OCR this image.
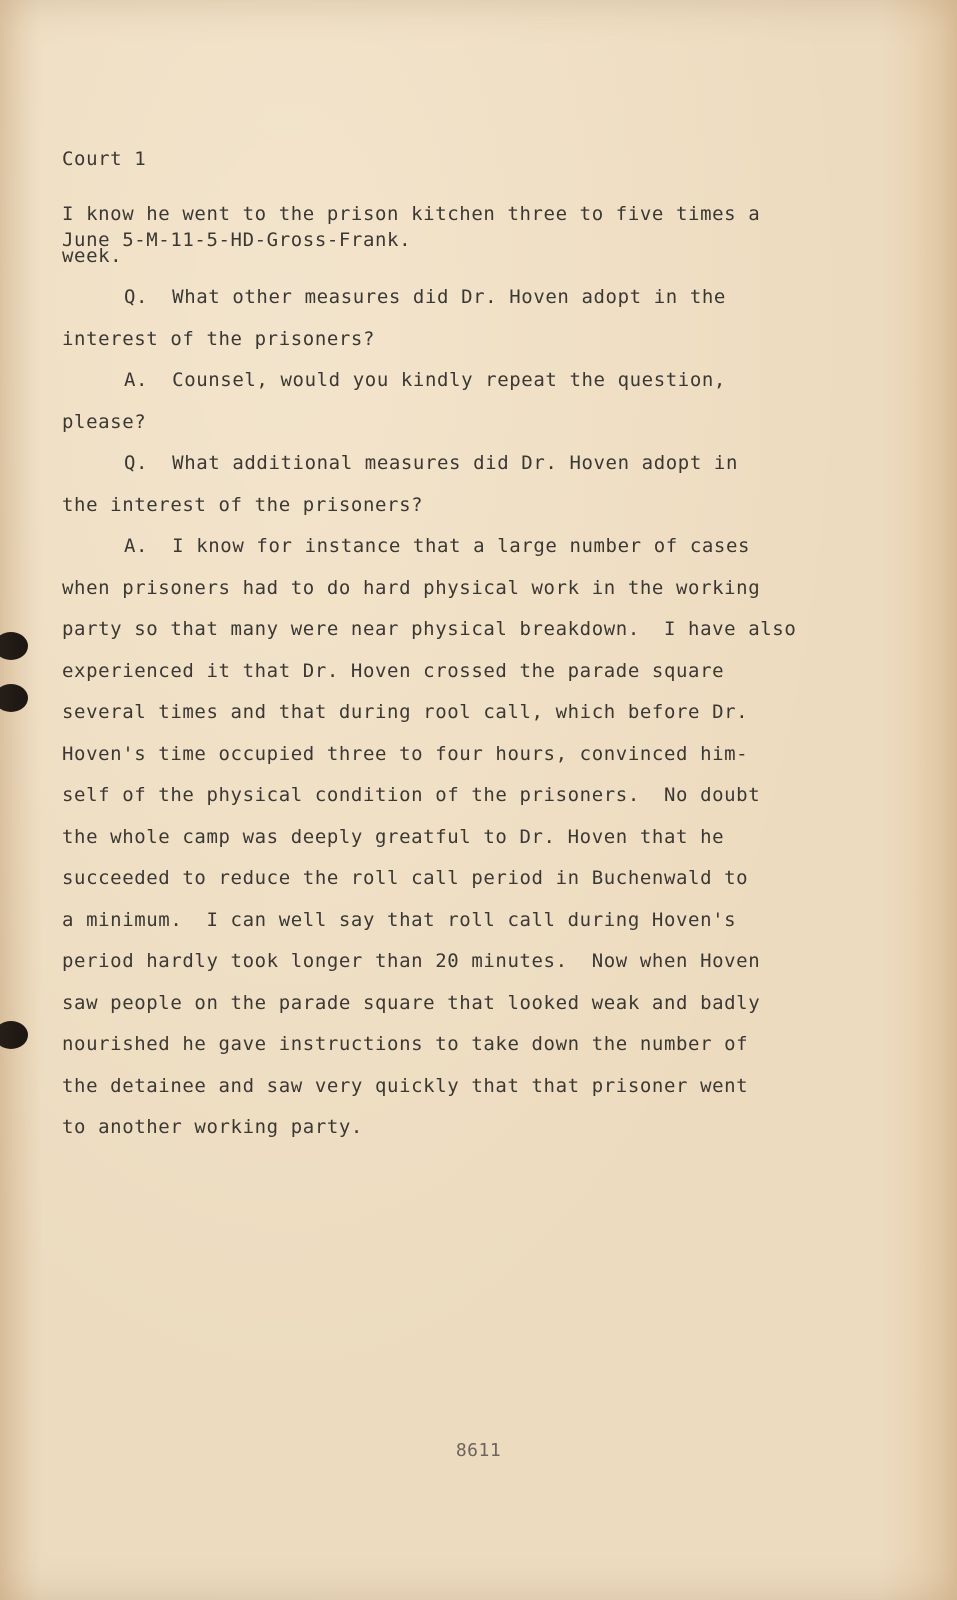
Court 1

June 5-M-11-5-HD-Gross-Frank.

I know he went to the prison kitchen three to five times a
week.
Q.  What other measures did Dr. Hoven adopt in the
interest of the prisoners?
A.  Counsel, would you kindly repeat the question,
please?
Q.  What additional measures did Dr. Hoven adopt in
the interest of the prisoners?
A.  I know for instance that a large number of cases
when prisoners had to do hard physical work in the working
party so that many were near physical breakdown.  I have also
experienced it that Dr. Hoven crossed the parade square
several times and that during rool call, which before Dr.
Hoven's time occupied three to four hours, convinced him-
self of the physical condition of the prisoners.  No doubt
the whole camp was deeply greatful to Dr. Hoven that he
succeeded to reduce the roll call period in Buchenwald to
a minimum.  I can well say that roll call during Hoven's
period hardly took longer than 20 minutes.  Now when Hoven
saw people on the parade square that looked weak and badly
nourished he gave instructions to take down the number of
the detainee and saw very quickly that that prisoner went
to another working party.
8611
